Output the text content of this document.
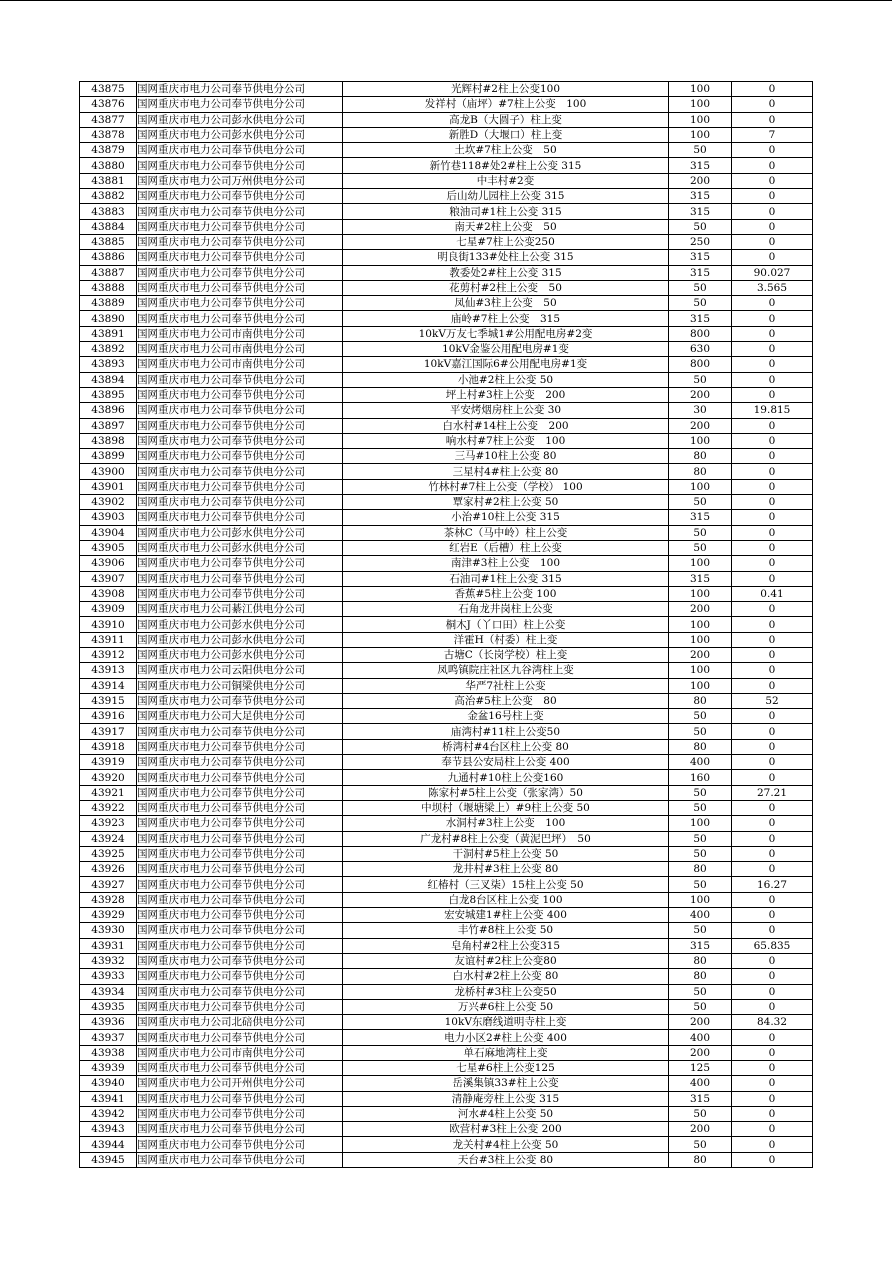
43875	国网重庆市电力公司奉节供电分公司	光辉村#2柱上公变100	100	0
43876	国网重庆市电力公司奉节供电分公司	发祥村（庙坪）#7柱上公变　100	100	0
43877	国网重庆市电力公司彭水供电分公司	高龙B（大圆子）柱上变	100	0
43878	国网重庆市电力公司彭水供电分公司	新胜D（大堰口）柱上变	100	7
43879	国网重庆市电力公司奉节供电分公司	土坎#7柱上公变　50	50	0
43880	国网重庆市电力公司奉节供电分公司	新竹巷118#处2#柱上公变 315	315	0
43881	国网重庆市电力公司万州供电分公司	中丰村#2变	200	0
43882	国网重庆市电力公司奉节供电分公司	后山幼儿园柱上公变 315	315	0
43883	国网重庆市电力公司奉节供电分公司	粮油司#1柱上公变 315	315	0
43884	国网重庆市电力公司奉节供电分公司	南天#2柱上公变　50	50	0
43885	国网重庆市电力公司奉节供电分公司	七星#7柱上公变250	250	0
43886	国网重庆市电力公司奉节供电分公司	明良街133#处柱上公变 315	315	0
43887	国网重庆市电力公司奉节供电分公司	教委处2#柱上公变 315	315	90.027
43888	国网重庆市电力公司奉节供电分公司	花剪村#2柱上公变　50	50	3.565
43889	国网重庆市电力公司奉节供电分公司	凤仙#3柱上公变　50	50	0
43890	国网重庆市电力公司奉节供电分公司	庙岭#7柱上公变　315	315	0
43891	国网重庆市电力公司市南供电分公司	10kV万友七季城1#公用配电房#2变	800	0
43892	国网重庆市电力公司市南供电分公司	10kV金鉴公用配电房#1变	630	0
43893	国网重庆市电力公司市南供电分公司	10kV嘉江国际6#公用配电房#1变	800	0
43894	国网重庆市电力公司奉节供电分公司	小池#2柱上公变 50	50	0
43895	国网重庆市电力公司奉节供电分公司	坪上村#3柱上公变　200	200	0
43896	国网重庆市电力公司奉节供电分公司	平安烤烟房柱上公变 30	30	19.815
43897	国网重庆市电力公司奉节供电分公司	白水村#14柱上公变　200	200	0
43898	国网重庆市电力公司奉节供电分公司	响水村#7柱上公变　100	100	0
43899	国网重庆市电力公司奉节供电分公司	三马#10柱上公变 80	80	0
43900	国网重庆市电力公司奉节供电分公司	三星村4#柱上公变 80	80	0
43901	国网重庆市电力公司奉节供电分公司	竹林村#7柱上公变（学校） 100	100	0
43902	国网重庆市电力公司奉节供电分公司	覃家村#2柱上公变 50	50	0
43903	国网重庆市电力公司奉节供电分公司	小治#10柱上公变 315	315	0
43904	国网重庆市电力公司彭水供电分公司	茶林C（马中岭）柱上公变	50	0
43905	国网重庆市电力公司彭水供电分公司	红岩E（后槽）柱上公变	50	0
43906	国网重庆市电力公司奉节供电分公司	南津#3柱上公变　100	100	0
43907	国网重庆市电力公司奉节供电分公司	石油司#1柱上公变 315	315	0
43908	国网重庆市电力公司奉节供电分公司	香蕉#5柱上公变 100	100	0.41
43909	国网重庆市电力公司綦江供电分公司	石角龙井岗柱上公变	200	0
43910	国网重庆市电力公司彭水供电分公司	桐木J（丫口田）柱上公变	100	0
43911	国网重庆市电力公司彭水供电分公司	洋霍H（村委）柱上变	100	0
43912	国网重庆市电力公司彭水供电分公司	古塘C（长岗学校）柱上变	200	0
43913	国网重庆市电力公司云阳供电分公司	凤鸣镇院庄社区九谷湾柱上变	100	0
43914	国网重庆市电力公司铜梁供电分公司	华严7社柱上公变	100	0
43915	国网重庆市电力公司奉节供电分公司	高治#5柱上公变　80	80	52
43916	国网重庆市电力公司大足供电分公司	金盆16号柱上变	50	0
43917	国网重庆市电力公司奉节供电分公司	庙湾村#11柱上公变50	50	0
43918	国网重庆市电力公司奉节供电分公司	桥湾村#4台区柱上公变 80	80	0
43919	国网重庆市电力公司奉节供电分公司	奉节县公安局柱上公变 400	400	0
43920	国网重庆市电力公司奉节供电分公司	九通村#10柱上公变160	160	0
43921	国网重庆市电力公司奉节供电分公司	陈家村#5柱上公变（张家湾）50	50	27.21
43922	国网重庆市电力公司奉节供电分公司	中坝村（堰塘梁上）#9柱上公变 50	50	0
43923	国网重庆市电力公司奉节供电分公司	水洞村#3柱上公变　100	100	0
43924	国网重庆市电力公司奉节供电分公司	广龙村#8柱上公变（黄泥巴坪）　50	50	0
43925	国网重庆市电力公司奉节供电分公司	干洞村#5柱上公变 50	50	0
43926	国网重庆市电力公司奉节供电分公司	龙井村#3柱上公变 80	80	0
43927	国网重庆市电力公司奉节供电分公司	红椿村（三叉柒）15柱上公变 50	50	16.27
43928	国网重庆市电力公司奉节供电分公司	白龙8台区柱上公变 100	100	0
43929	国网重庆市电力公司奉节供电分公司	宏安城建1#柱上公变 400	400	0
43930	国网重庆市电力公司奉节供电分公司	丰竹#8柱上公变 50	50	0
43931	国网重庆市电力公司奉节供电分公司	皂角村#2柱上公变315	315	65.835
43932	国网重庆市电力公司奉节供电分公司	友谊村#2柱上公变80	80	0
43933	国网重庆市电力公司奉节供电分公司	白水村#2柱上公变 80	80	0
43934	国网重庆市电力公司奉节供电分公司	龙桥村#3柱上公变50	50	0
43935	国网重庆市电力公司奉节供电分公司	万兴#6柱上公变 50	50	0
43936	国网重庆市电力公司北碚供电分公司	10kV东磨线道明寺柱上变	200	84.32
43937	国网重庆市电力公司奉节供电分公司	电力小区2#柱上公变 400	400	0
43938	国网重庆市电力公司市南供电分公司	单石麻地湾柱上变	200	0
43939	国网重庆市电力公司奉节供电分公司	七星#6柱上公变125	125	0
43940	国网重庆市电力公司开州供电分公司	岳溪集镇33#柱上公变	400	0
43941	国网重庆市电力公司奉节供电分公司	清静庵旁柱上公变 315	315	0
43942	国网重庆市电力公司奉节供电分公司	河水#4柱上公变 50	50	0
43943	国网重庆市电力公司奉节供电分公司	欧营村#3柱上公变 200	200	0
43944	国网重庆市电力公司奉节供电分公司	龙关村#4柱上公变 50	50	0
43945	国网重庆市电力公司奉节供电分公司	天台#3柱上公变 80	80	0
